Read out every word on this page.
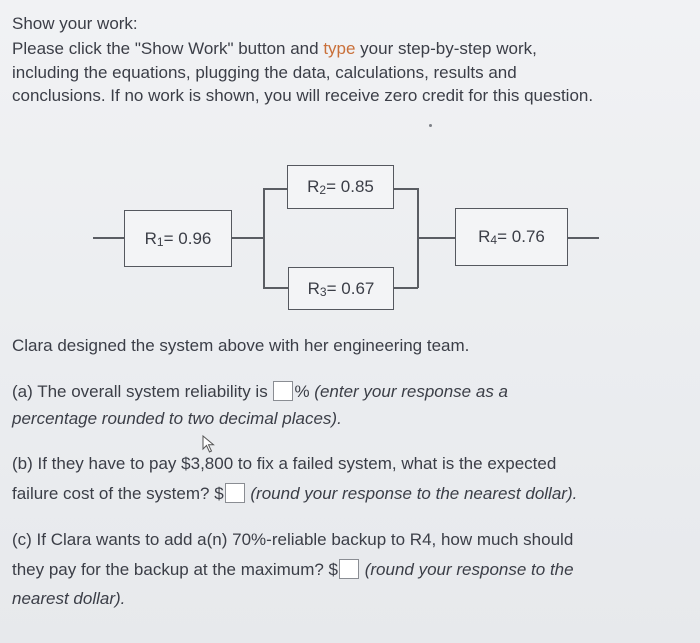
Show your work:
Please click the "Show Work" button and type your step-by-step work,
including the equations, plugging the data, calculations, results and
conclusions. If no work is shown, you will receive zero credit for this question.
$R_1 = 0.96$
$R_2 = 0.85$
$R_3 = 0.67$
$R_4 = 0.76$
Clara designed the system above with her engineering team.
(a) The overall system reliability is % (enter your response as a
percentage rounded to two decimal places).
(b) If they have to pay $3,800 to fix a failed system, what is the expected
failure cost of the system? $ (round your response to the nearest dollar).
(c) If Clara wants to add a(n) 70%-reliable backup to R4, how much should
they pay for the backup at the maximum? $ (round your response to the
nearest dollar).
